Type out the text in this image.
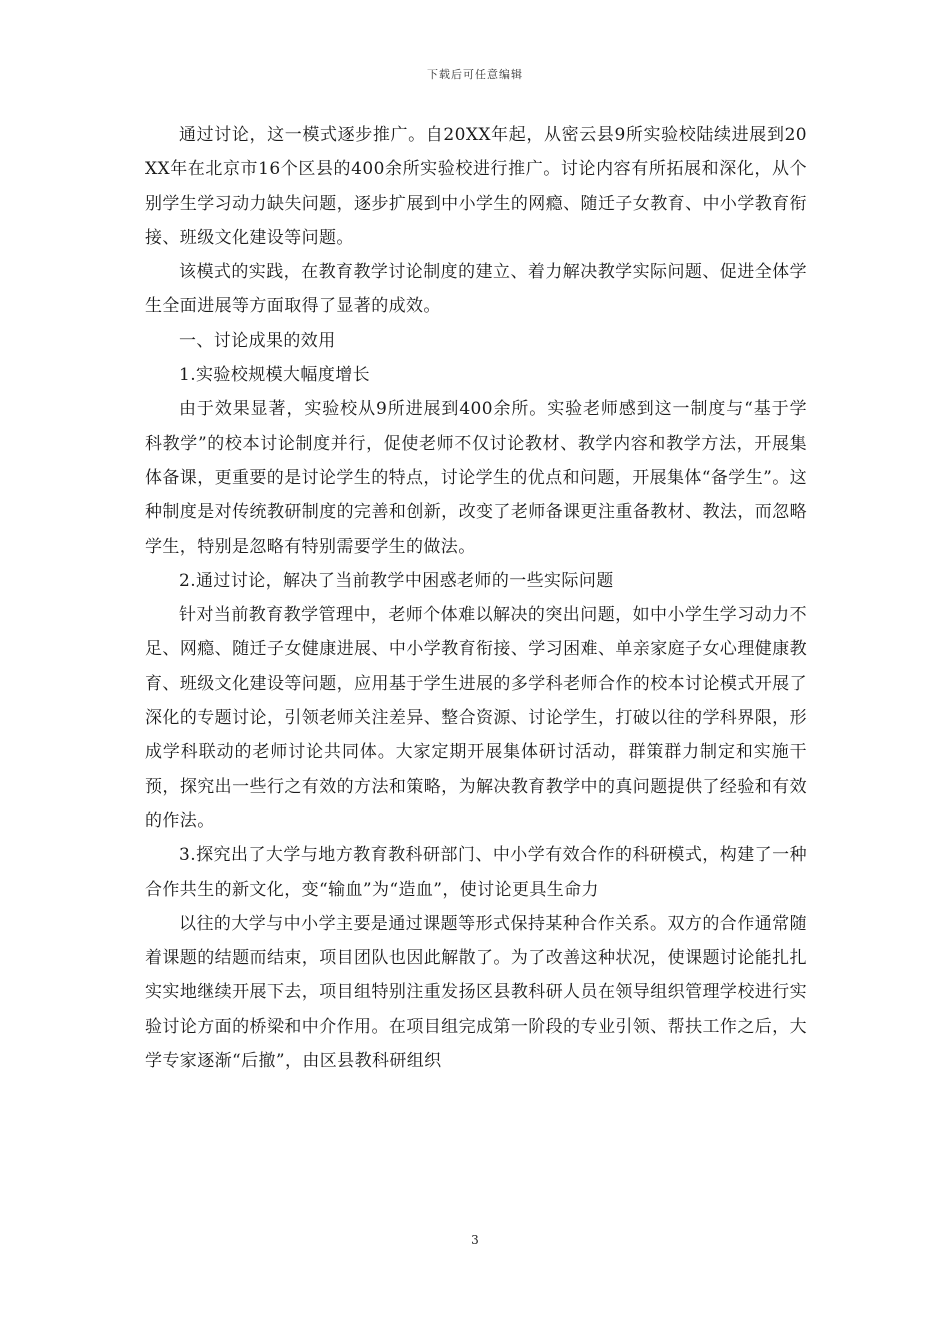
下载后可任意编辑

通过讨论，这一模式逐步推广。自20XX年起，从密云县9所实验校陆续进展到20XX年在北京市16个区县的400余所实验校进行推广。讨论内容有所拓展和深化，从个别学生学习动力缺失问题，逐步扩展到中小学生的网瘾、随迁子女教育、中小学教育衔接、班级文化建设等问题。

该模式的实践，在教育教学讨论制度的建立、着力解决教学实际问题、促进全体学生全面进展等方面取得了显著的成效。

一、讨论成果的效用

1.实验校规模大幅度增长

由于效果显著，实验校从9所进展到400余所。实验老师感到这一制度与“基于学科教学”的校本讨论制度并行，促使老师不仅讨论教材、教学内容和教学方法，开展集体备课，更重要的是讨论学生的特点，讨论学生的优点和问题，开展集体“备学生”。这种制度是对传统教研制度的完善和创新，改变了老师备课更注重备教材、教法，而忽略学生，特别是忽略有特别需要学生的做法。

2.通过讨论，解决了当前教学中困惑老师的一些实际问题

针对当前教育教学管理中，老师个体难以解决的突出问题，如中小学生学习动力不足、网瘾、随迁子女健康进展、中小学教育衔接、学习困难、单亲家庭子女心理健康教育、班级文化建设等问题，应用基于学生进展的多学科老师合作的校本讨论模式开展了深化的专题讨论，引领老师关注差异、整合资源、讨论学生，打破以往的学科界限，形成学科联动的老师讨论共同体。大家定期开展集体研讨活动，群策群力制定和实施干预，探究出一些行之有效的方法和策略，为解决教育教学中的真问题提供了经验和有效的作法。

3.探究出了大学与地方教育教科研部门、中小学有效合作的科研模式，构建了一种合作共生的新文化，变“输血”为“造血”，使讨论更具生命力

以往的大学与中小学主要是通过课题等形式保持某种合作关系。双方的合作通常随着课题的结题而结束，项目团队也因此解散了。为了改善这种状况，使课题讨论能扎扎实实地继续开展下去，项目组特别注重发扬区县教科研人员在领导组织管理学校进行实验讨论方面的桥梁和中介作用。在项目组完成第一阶段的专业引领、帮扶工作之后，大学专家逐渐“后撤”，由区县教科研组织

3
